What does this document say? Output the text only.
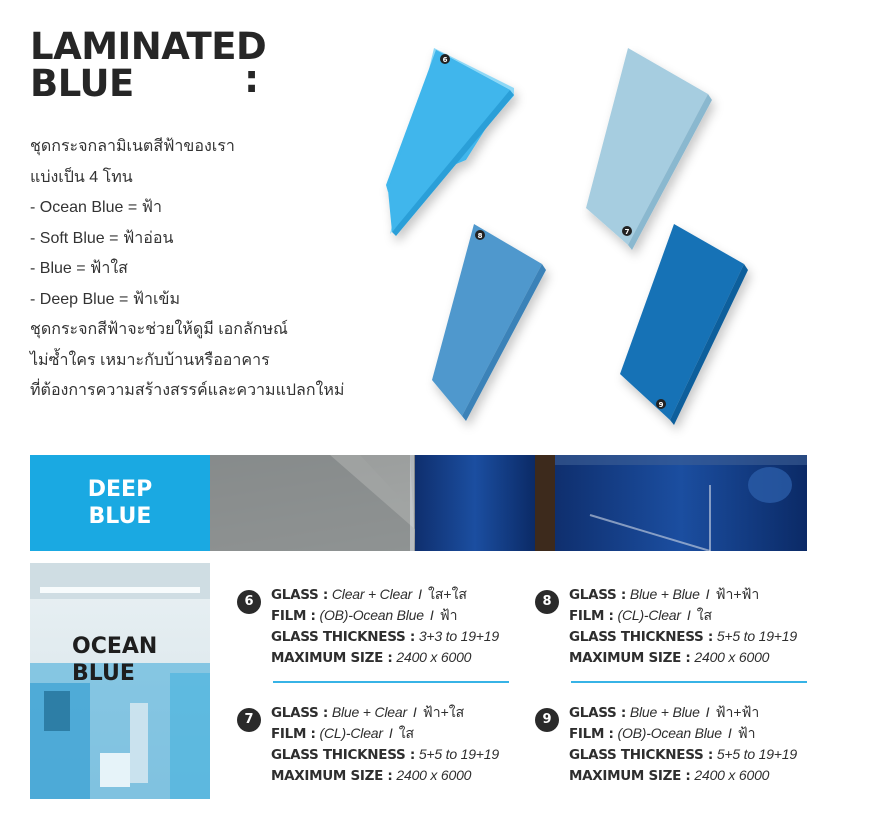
LAMINATED
BLUE	:
ชุดกระจกลามิเนตสีฟ้าของเรา
แบ่งเป็น 4 โทน
- Ocean Blue = ฟ้า
- Soft Blue = ฟ้าอ่อน
- Blue = ฟ้าใส
- Deep Blue = ฟ้าเข้ม
ชุดกระจกสีฟ้าจะช่วยให้ดูมี เอกลักษณ์
ไม่ซ้ำใคร เหมาะกับบ้านหรืออาคาร
ที่ต้องการความสร้างสรรค์และความแปลกใหม่
6
7
8
9
DEEP
BLUE
OCEAN
BLUE
6	GLASS : Clear + Clear I ใส+ใส
FILM : (OB)-Ocean Blue I ฟ้า
GLASS THICKNESS : 3+3 to 19+19
MAXIMUM SIZE : 2400 x 6000
8	GLASS : Blue + Blue I ฟ้า+ฟ้า
FILM : (CL)-Clear I ใส
GLASS THICKNESS : 5+5 to 19+19
MAXIMUM SIZE : 2400 x 6000
7	GLASS : Blue + Clear I ฟ้า+ใส
FILM : (CL)-Clear I ใส
GLASS THICKNESS : 5+5 to 19+19
MAXIMUM SIZE : 2400 x 6000
9	GLASS : Blue + Blue I ฟ้า+ฟ้า
FILM : (OB)-Ocean Blue I ฟ้า
GLASS THICKNESS : 5+5 to 19+19
MAXIMUM SIZE : 2400 x 6000
